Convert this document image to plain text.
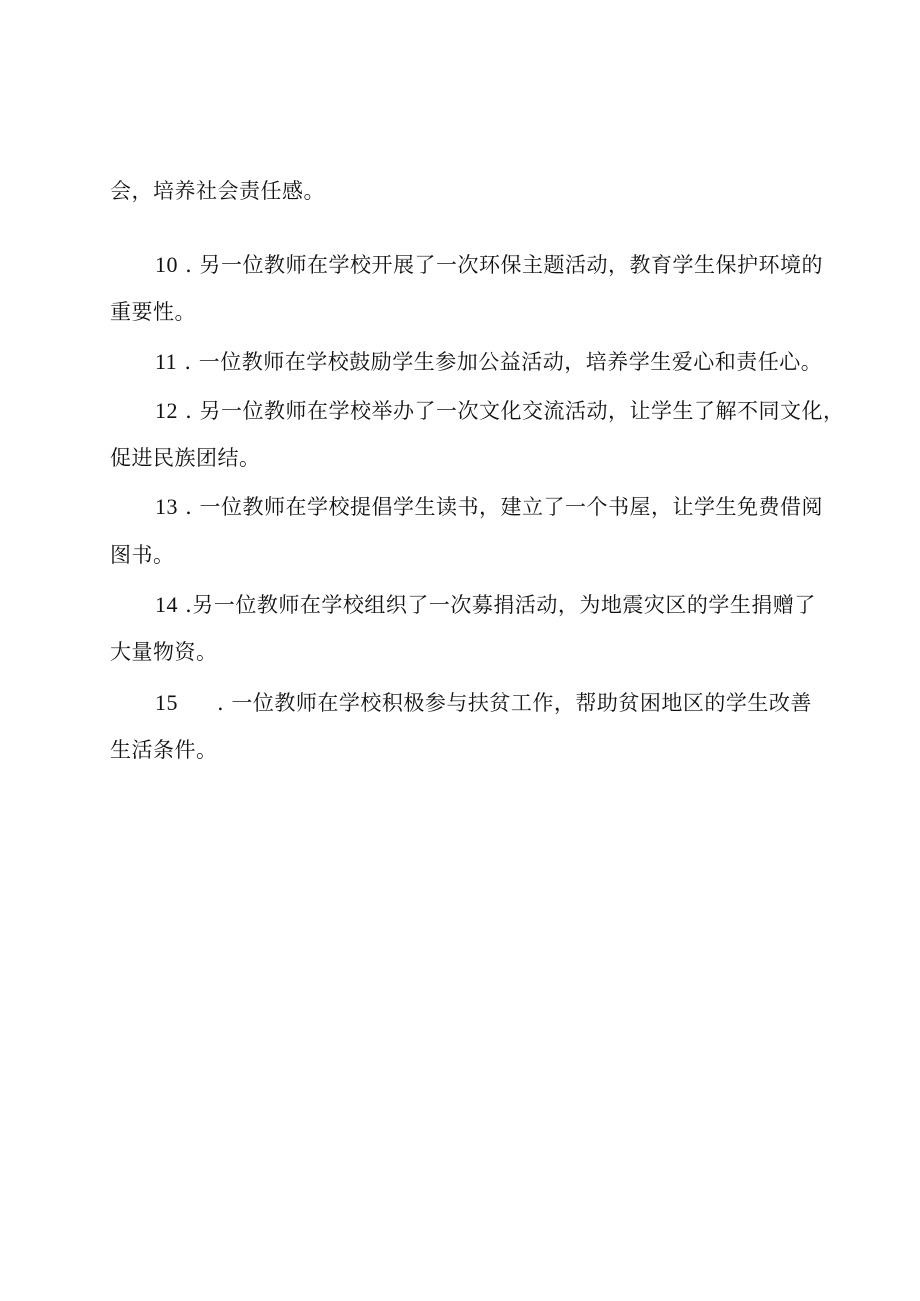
会，培养社会责任感。
10 . 另一位教师在学校开展了一次环保主题活动，教育学生保护环境的
重要性。
11 . 一位教师在学校鼓励学生参加公益活动，培养学生爱心和责任心。
12 . 另一位教师在学校举办了一次文化交流活动，让学生了解不同文化，
促进民族团结。
13 . 一位教师在学校提倡学生读书，建立了一个书屋，让学生免费借阅
图书。
14 .另一位教师在学校组织了一次募捐活动，为地震灾区的学生捐赠了
大量物资。
15 . 一位教师在学校积极参与扶贫工作，帮助贫困地区的学生改善
生活条件。
